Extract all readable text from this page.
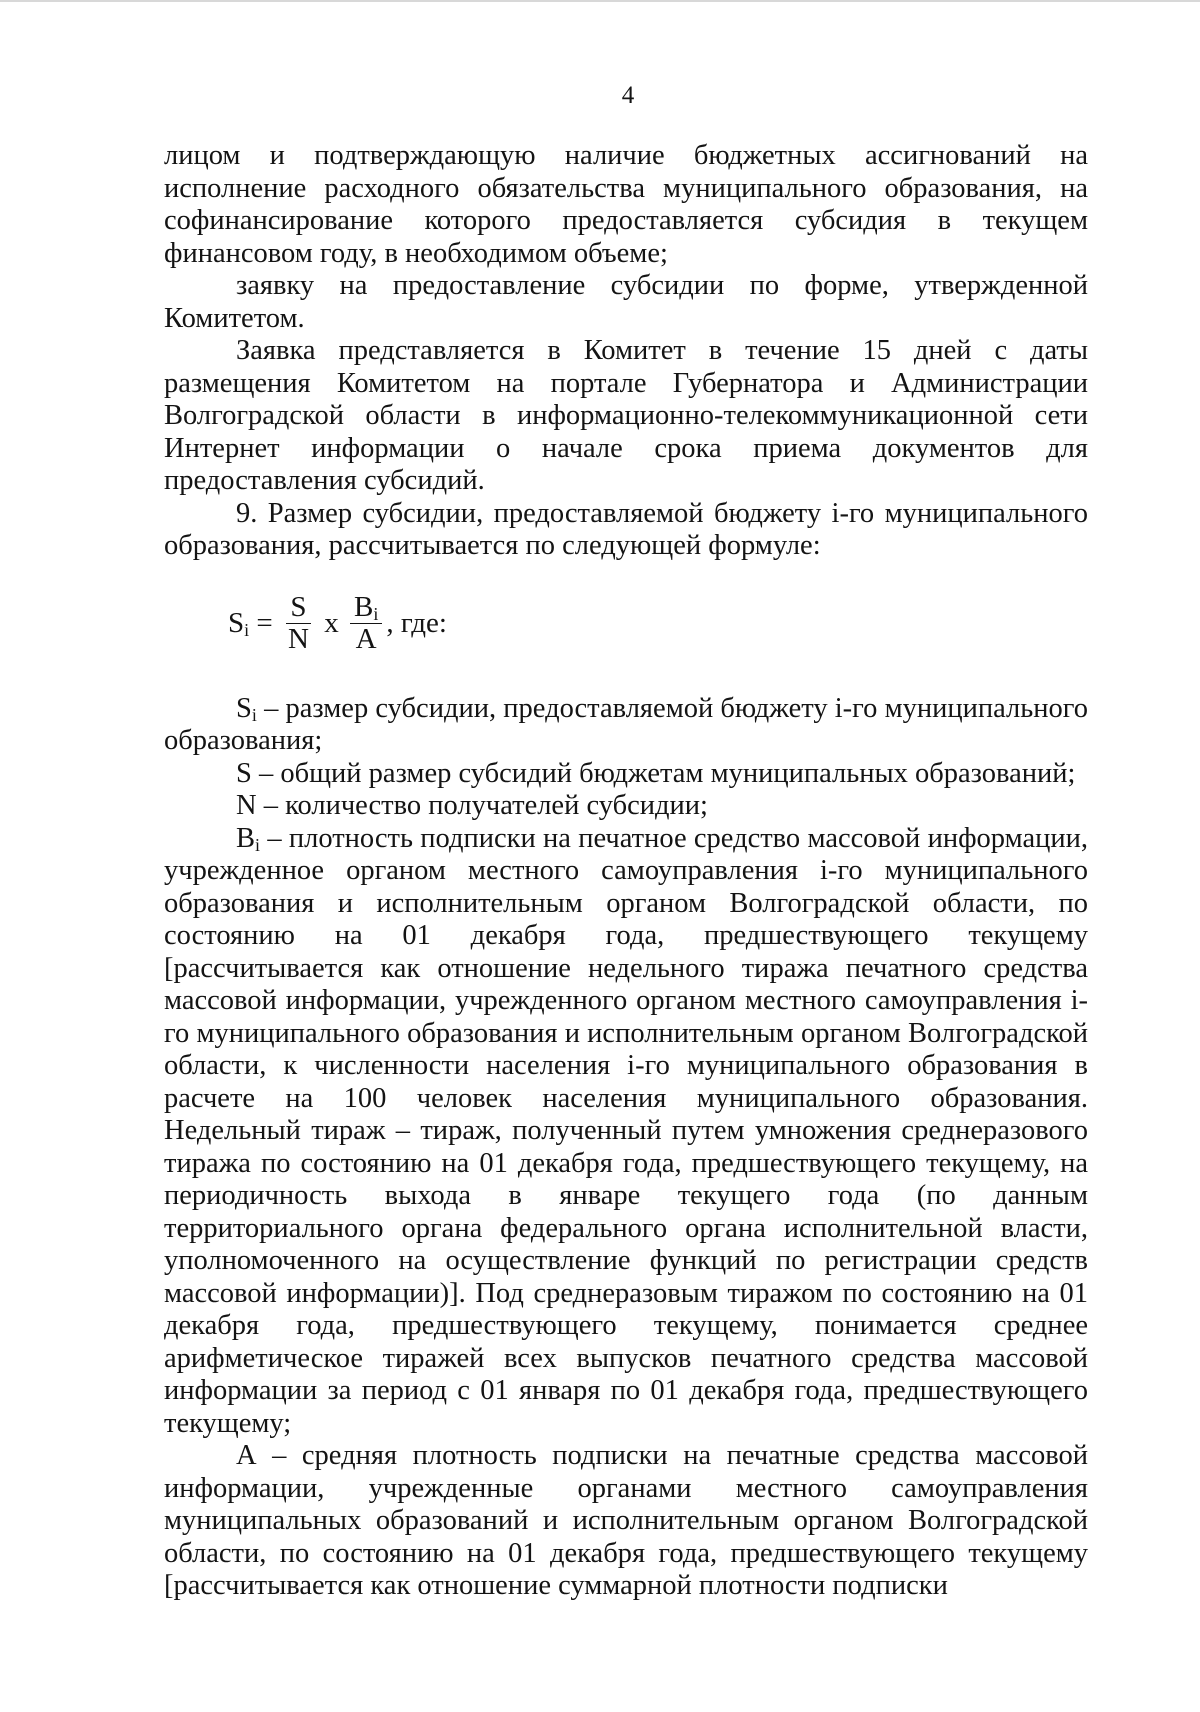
4

лицом и подтверждающую наличие бюджетных ассигнований на исполнение расходного обязательства муниципального образования, на софинансирование которого предоставляется субсидия в текущем финансовом году, в необходимом объеме;

заявку на предоставление субсидии по форме, утвержденной Комитетом.

Заявка представляется в Комитет в течение 15 дней с даты размещения Комитетом на портале Губернатора и Администрации Волгоградской области в информационно-телекоммуникационной сети Интернет информации о начале срока приема документов для предоставления субсидий.

9. Размер субсидии, предоставляемой бюджету i-го муниципального образования, рассчитывается по следующей формуле:

$S_i = \frac{S}{N}$ x $\frac{B_i}{A}$ , где:

$S_i$ – размер субсидии, предоставляемой бюджету i-го муниципального образования;

S – общий размер субсидий бюджетам муниципальных образований;

N – количество получателей субсидии;

$B_i$ – плотность подписки на печатное средство массовой информации, учрежденное органом местного самоуправления i-го муниципального образования и исполнительным органом Волгоградской области, по состоянию на 01 декабря года, предшествующего текущему [рассчитывается как отношение недельного тиража печатного средства массовой информации, учрежденного органом местного самоуправления i-го муниципального образования и исполнительным органом Волгоградской области, к численности населения i-го муниципального образования в расчете на 100 человек населения муниципального образования. Недельный тираж – тираж, полученный путем умножения среднеразового тиража по состоянию на 01 декабря года, предшествующего текущему, на периодичность выхода в январе текущего года (по данным территориального органа федерального органа исполнительной власти, уполномоченного на осуществление функций по регистрации средств массовой информации)]. Под среднеразовым тиражом по состоянию на 01 декабря года, предшествующего текущему, понимается среднее арифметическое тиражей всех выпусков печатного средства массовой информации за период с 01 января по 01 декабря года, предшествующего текущему;

А – средняя плотность подписки на печатные средства массовой информации, учрежденные органами местного самоуправления муниципальных образований и исполнительным органом Волгоградской области, по состоянию на 01 декабря года, предшествующего текущему [рассчитывается как отношение суммарной плотности подписки
